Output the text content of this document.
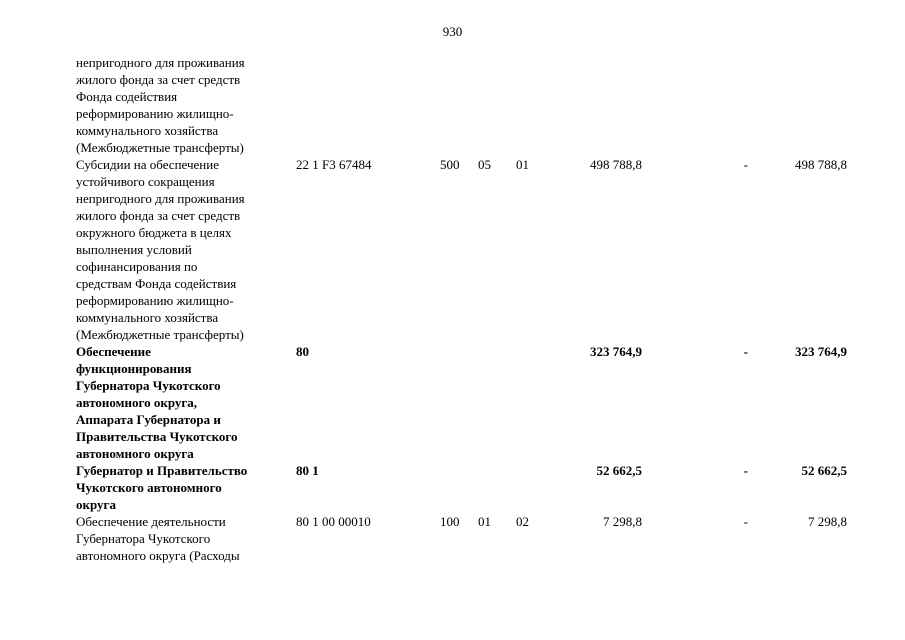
930
непригодного для проживания
жилого фонда за счет средств
Фонда содействия
реформированию жилищно-
коммунального хозяйства
(Межбюджетные трансферты)
Субсидии на обеспечение
устойчивого сокращения
непригодного для проживания
жилого фонда за счет средств
окружного бюджета в целях
выполнения условий
софинансирования по
средствам Фонда содействия
реформированию жилищно-
коммунального хозяйства
(Межбюджетные трансферты)
22 1 F3 67484	500 05 01	498 788,8	-	498 788,8
Обеспечение
функционирования
Губернатора Чукотского
автономного округа,
Аппарата Губернатора и
Правительства Чукотского
автономного округа
80	323 764,9	-	323 764,9
Губернатор и Правительство
Чукотского автономного
округа
80 1	52 662,5	-	52 662,5
Обеспечение деятельности
Губернатора Чукотского
автономного округа (Расходы
80 1 00 00010	100 01 02	7 298,8	-	7 298,8
